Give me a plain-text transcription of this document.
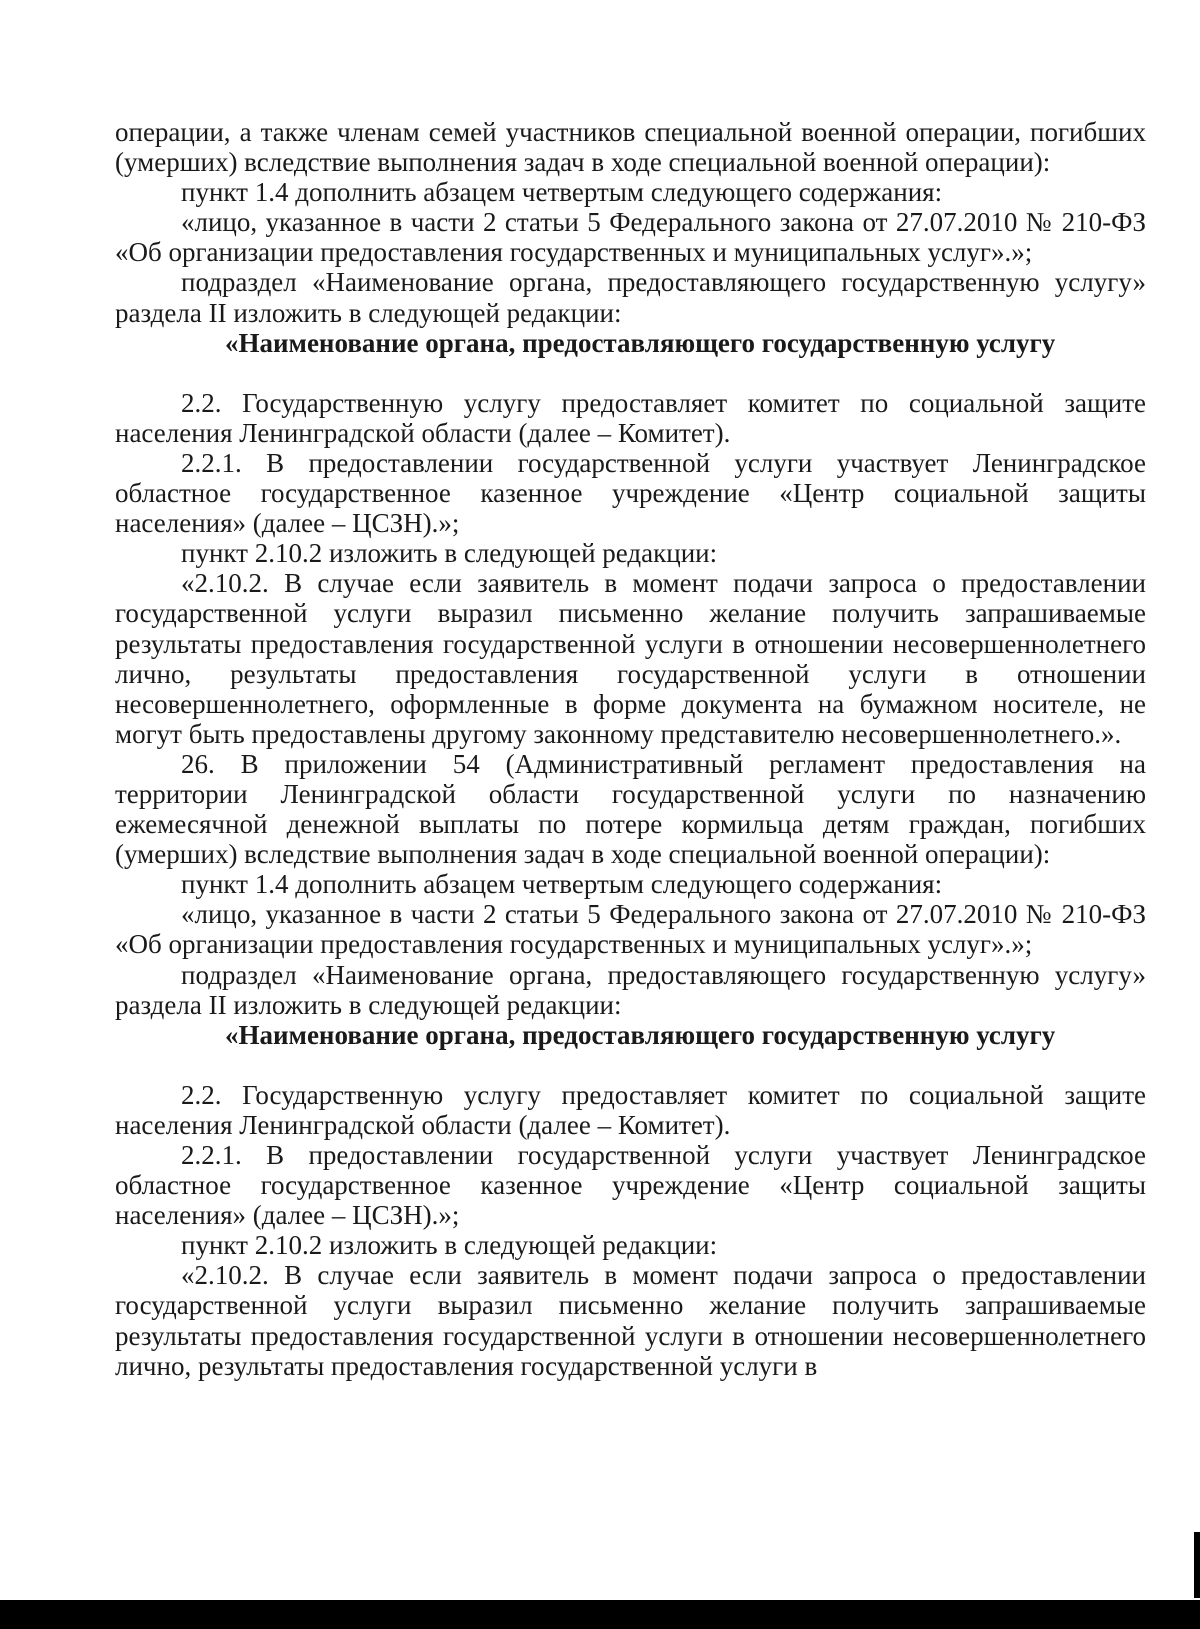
операции, а также членам семей участников специальной военной операции, погибших (умерших) вследствие выполнения задач в ходе специальной военной операции):

пункт 1.4 дополнить абзацем четвертым следующего содержания:

«лицо, указанное в части 2 статьи 5 Федерального закона от 27.07.2010 № 210-ФЗ «Об организации предоставления государственных и муниципальных услуг».»;

подраздел «Наименование органа, предоставляющего государственную услугу» раздела II изложить в следующей редакции:

«Наименование органа, предоставляющего государственную услугу

2.2. Государственную услугу предоставляет комитет по социальной защите населения Ленинградской области (далее – Комитет).

2.2.1. В предоставлении государственной услуги участвует Ленинградское областное государственное казенное учреждение «Центр социальной защиты населения» (далее – ЦСЗН).»;

пункт 2.10.2 изложить в следующей редакции:

«2.10.2. В случае если заявитель в момент подачи запроса о предоставлении государственной услуги выразил письменно желание получить запрашиваемые результаты предоставления государственной услуги в отношении несовершеннолетнего лично, результаты предоставления государственной услуги в отношении несовершеннолетнего, оформленные в форме документа на бумажном носителе, не могут быть предоставлены другому законному представителю несовершеннолетнего.».

26. В приложении 54 (Административный регламент предоставления на территории Ленинградской области государственной услуги по назначению ежемесячной денежной выплаты по потере кормильца детям граждан, погибших (умерших) вследствие выполнения задач в ходе специальной военной операции):

пункт 1.4 дополнить абзацем четвертым следующего содержания:

«лицо, указанное в части 2 статьи 5 Федерального закона от 27.07.2010 № 210-ФЗ «Об организации предоставления государственных и муниципальных услуг».»;

подраздел «Наименование органа, предоставляющего государственную услугу» раздела II изложить в следующей редакции:

«Наименование органа, предоставляющего государственную услугу

2.2. Государственную услугу предоставляет комитет по социальной защите населения Ленинградской области (далее – Комитет).

2.2.1. В предоставлении государственной услуги участвует Ленинградское областное государственное казенное учреждение «Центр социальной защиты населения» (далее – ЦСЗН).»;

пункт 2.10.2 изложить в следующей редакции:

«2.10.2. В случае если заявитель в момент подачи запроса о предоставлении государственной услуги выразил письменно желание получить запрашиваемые результаты предоставления государственной услуги в отношении несовершеннолетнего лично, результаты предоставления государственной услуги в
